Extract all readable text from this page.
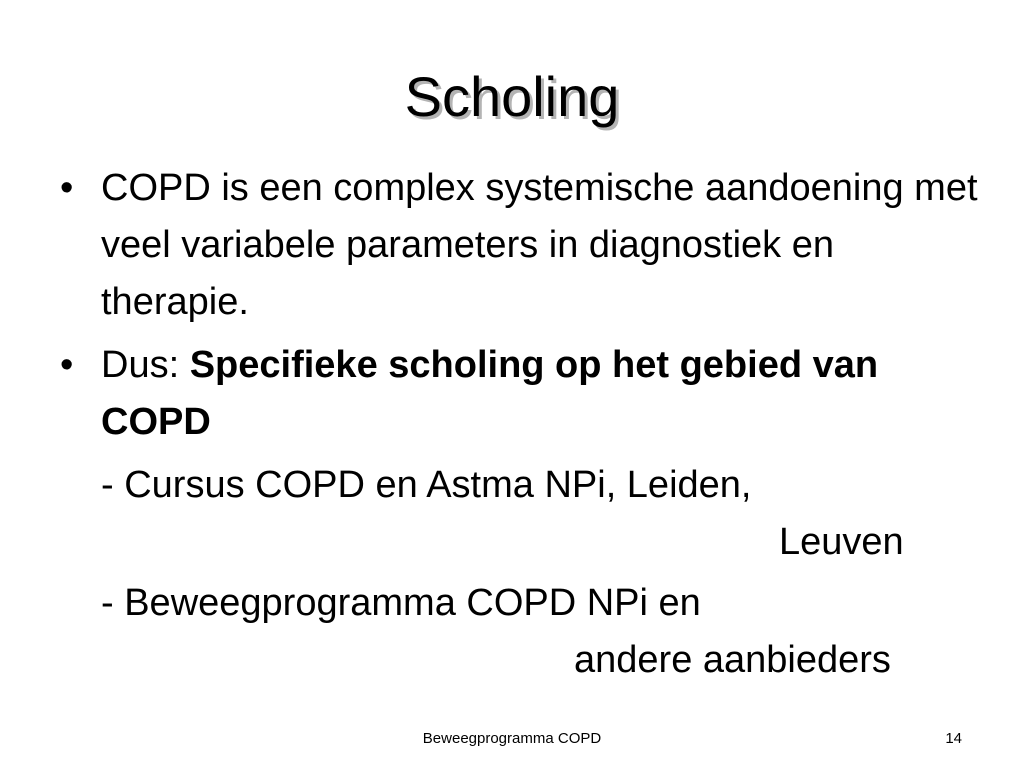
Scholing
• COPD is een complex systemische aandoening met veel variabele parameters in diagnostiek en therapie.
• Dus: Specifieke scholing op het gebied van COPD
- Cursus COPD en Astma NPi, Leiden,
Leuven
- Beweegprogramma COPD NPi en
andere aanbieders
Beweegprogramma COPD	14
